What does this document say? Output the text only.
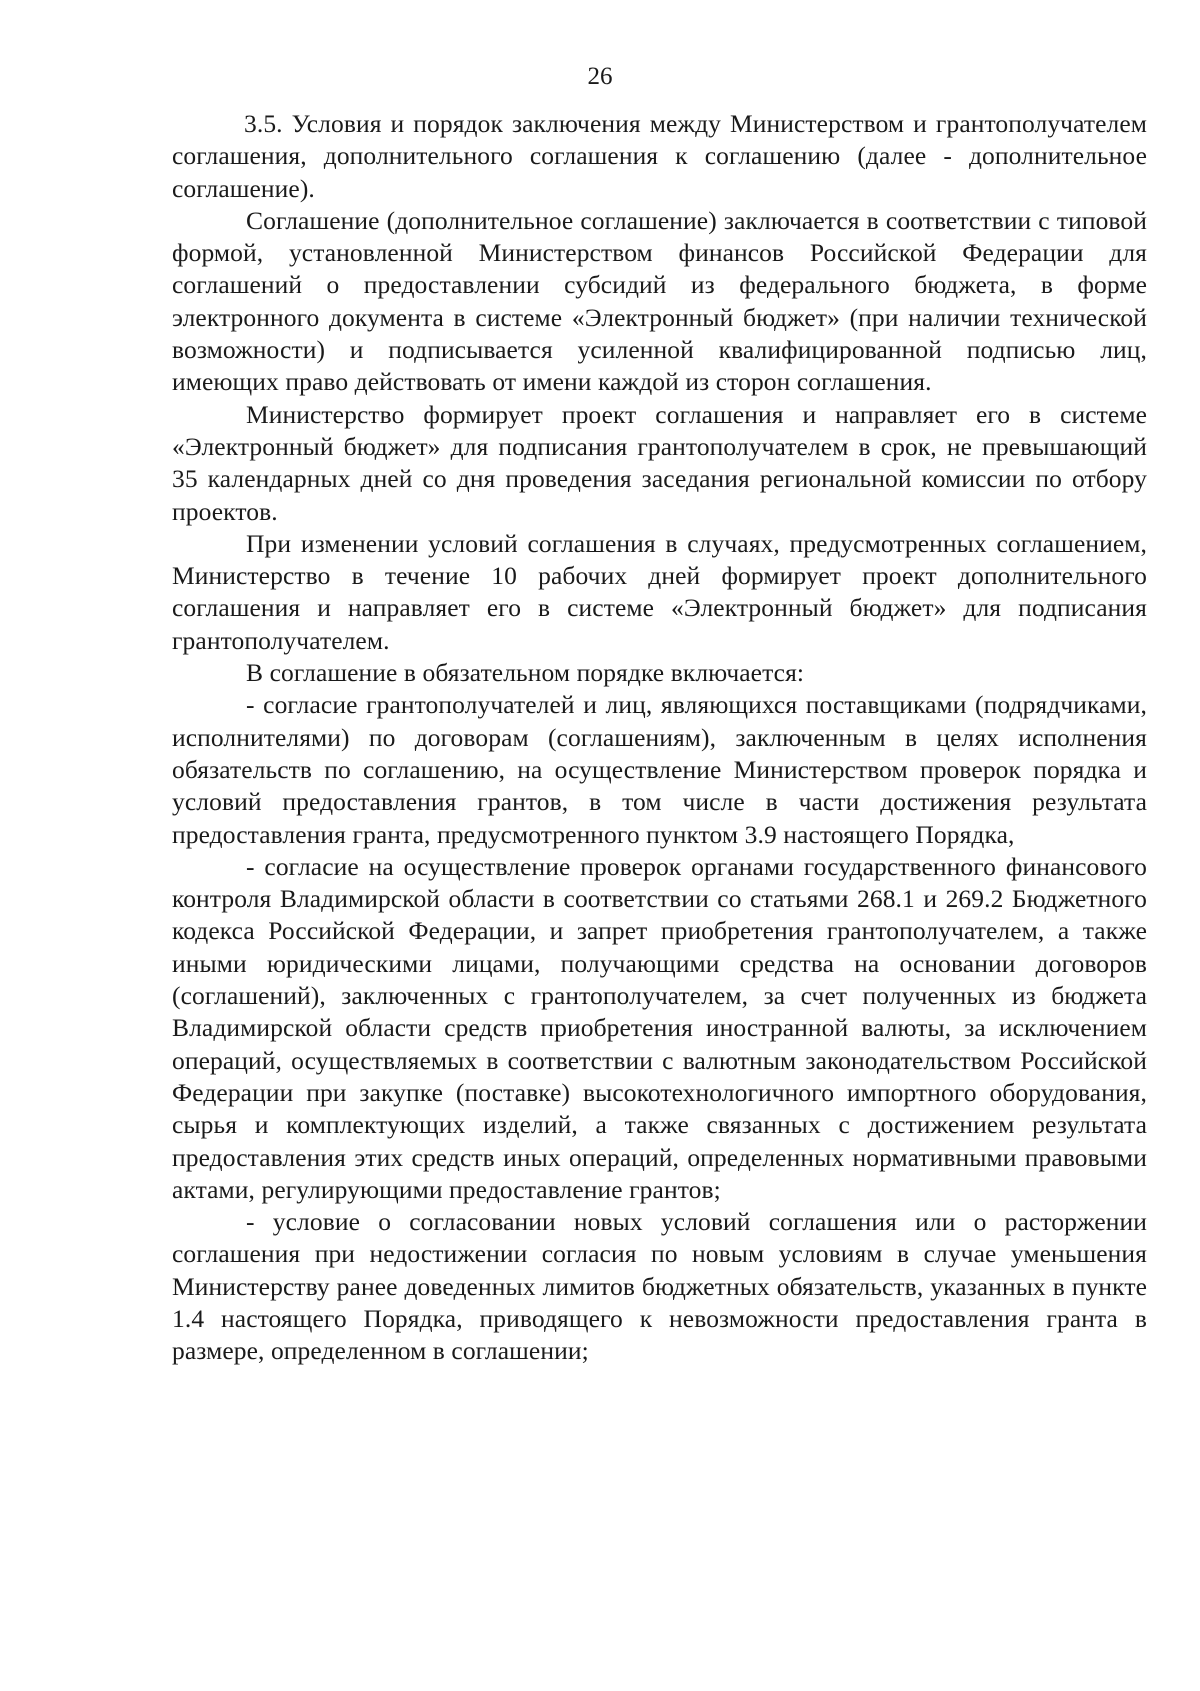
26

3.5. Условия и порядок заключения между Министерством и грантополучателем соглашения, дополнительного соглашения к соглашению (далее - дополнительное соглашение).

Соглашение (дополнительное соглашение) заключается в соответствии с типовой формой, установленной Министерством финансов Российской Федерации для соглашений о предоставлении субсидий из федерального бюджета, в форме электронного документа в системе «Электронный бюджет» (при наличии технической возможности) и подписывается усиленной квалифицированной подписью лиц, имеющих право действовать от имени каждой из сторон соглашения.

Министерство формирует проект соглашения и направляет его в системе «Электронный бюджет» для подписания грантополучателем в срок, не превышающий 35 календарных дней со дня проведения заседания региональной комиссии по отбору проектов.

При изменении условий соглашения в случаях, предусмотренных соглашением, Министерство в течение 10 рабочих дней формирует проект дополнительного соглашения и направляет его в системе «Электронный бюджет» для подписания грантополучателем.

В соглашение в обязательном порядке включается:

- согласие грантополучателей и лиц, являющихся поставщиками (подрядчиками, исполнителями) по договорам (соглашениям), заключенным в целях исполнения обязательств по соглашению, на осуществление Министерством проверок порядка и условий предоставления грантов, в том числе в части достижения результата предоставления гранта, предусмотренного пунктом 3.9 настоящего Порядка,

- согласие на осуществление проверок органами государственного финансового контроля Владимирской области в соответствии со статьями 268.1 и 269.2 Бюджетного кодекса Российской Федерации, и запрет приобретения грантополучателем, а также иными юридическими лицами, получающими средства на основании договоров (соглашений), заключенных с грантополучателем, за счет полученных из бюджета Владимирской области средств приобретения иностранной валюты, за исключением операций, осуществляемых в соответствии с валютным законодательством Российской Федерации при закупке (поставке) высокотехнологичного импортного оборудования, сырья и комплектующих изделий, а также связанных с достижением результата предоставления этих средств иных операций, определенных нормативными правовыми актами, регулирующими предоставление грантов;

- условие о согласовании новых условий соглашения или о расторжении соглашения при недостижении согласия по новым условиям в случае уменьшения Министерству ранее доведенных лимитов бюджетных обязательств, указанных в пункте 1.4 настоящего Порядка, приводящего к невозможности предоставления гранта в размере, определенном в соглашении;
